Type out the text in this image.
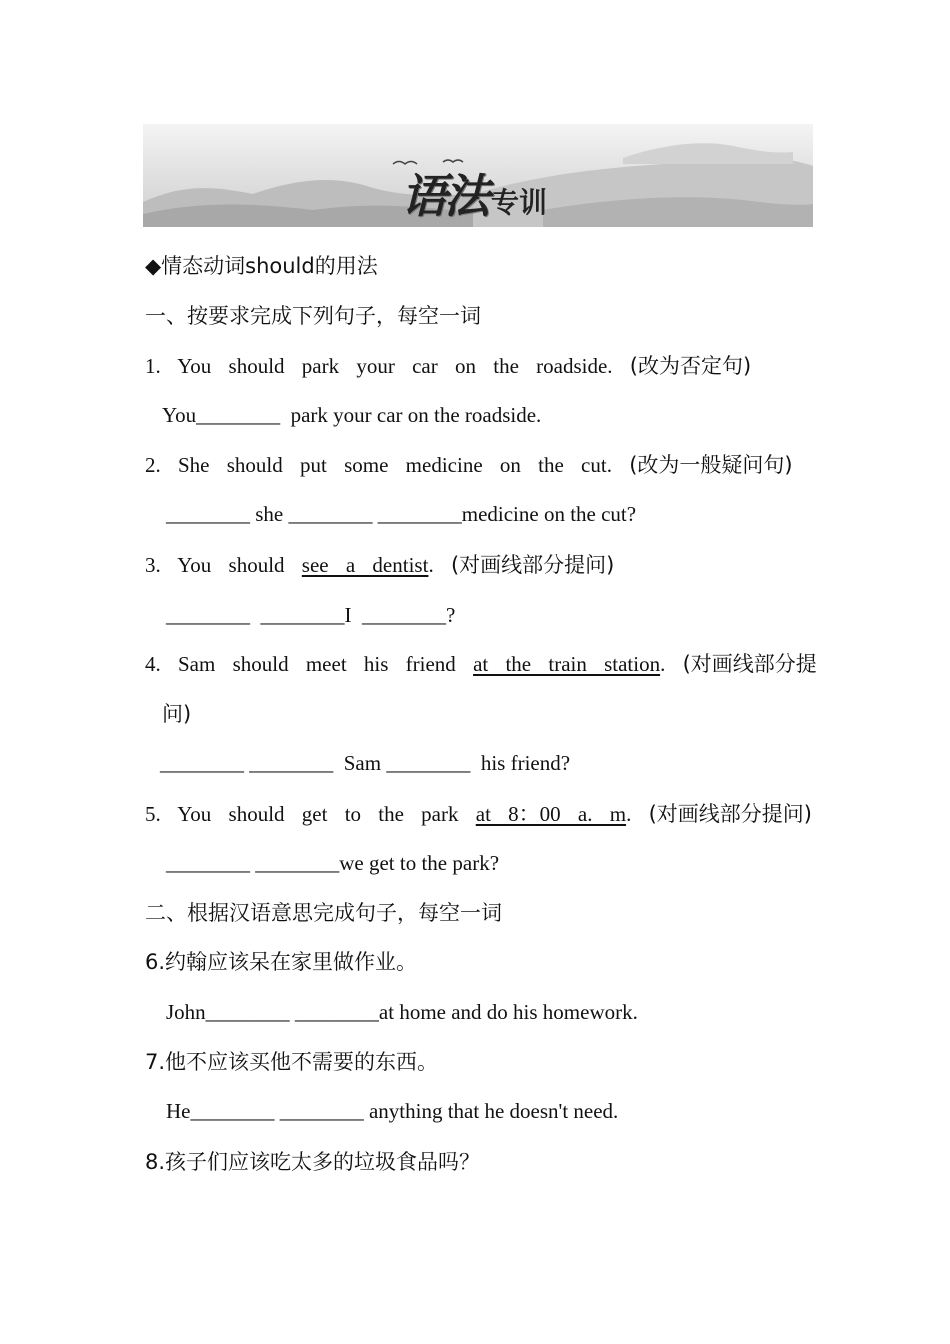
语法 专训
◆情态动词should的用法
一、按要求完成下列句子，每空一词
1. You should park your car on the roadside. (改为否定句)
You________  park your car on the roadside.
2. She should put some medicine on the cut. (改为一般疑问句)
________ she ________ ________medicine on the cut?
3. You should see a dentist. (对画线部分提问)
________  ________I  ________?
4. Sam should meet his friend at the train station. (对画线部分提
问)
________ ________  Sam ________  his friend?
5. You should get to the park at 8：00 a. m. (对画线部分提问)
________ ________we get to the park?
二、根据汉语意思完成句子，每空一词
6.约翰应该呆在家里做作业。
John________ ________at home and do his homework.
7.他不应该买他不需要的东西。
He________ ________ anything that he doesn't need.
8.孩子们应该吃太多的垃圾食品吗？
